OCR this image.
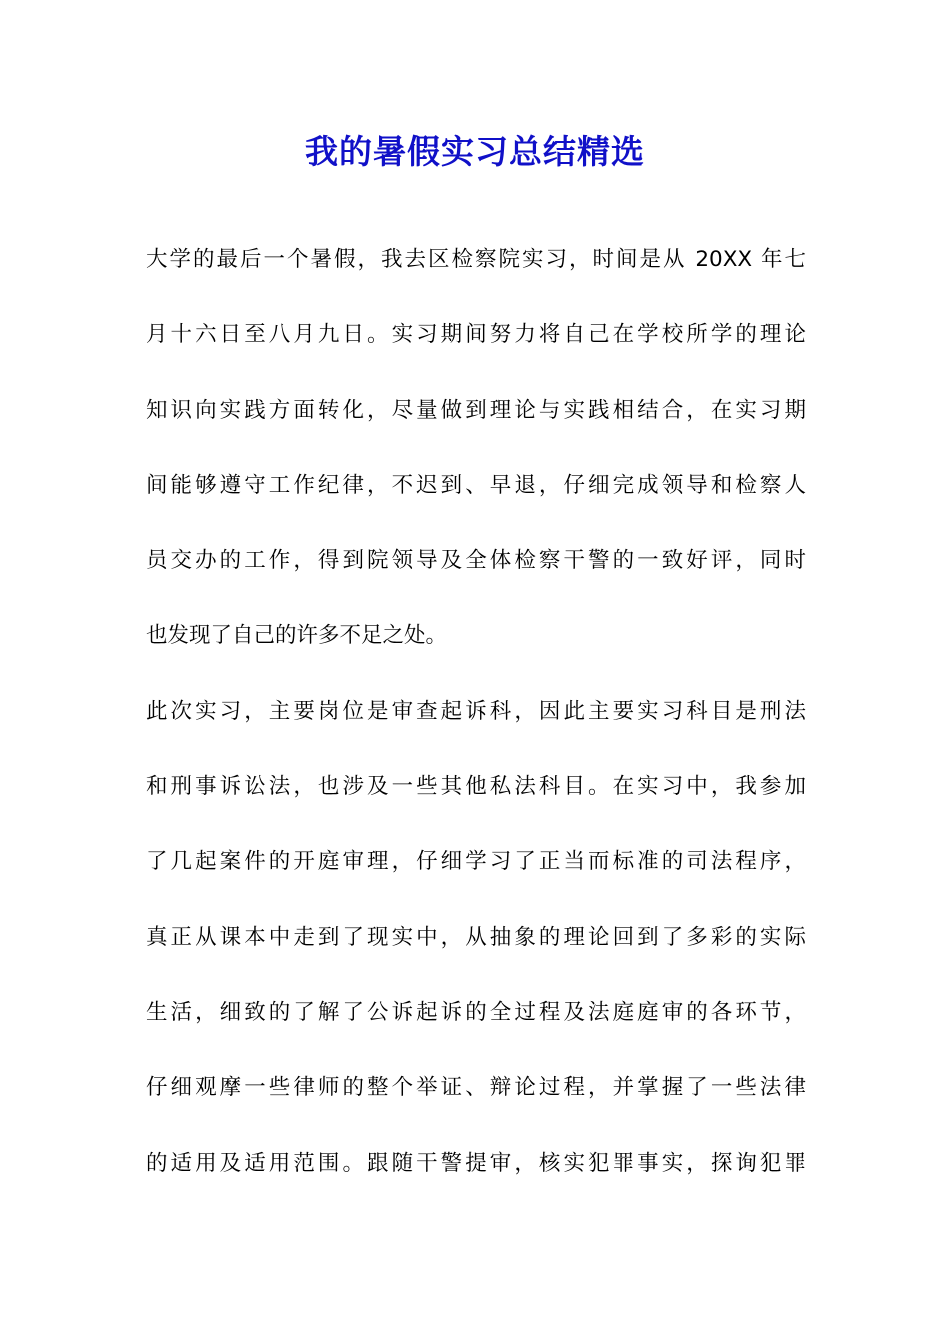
我的暑假实习总结精选
大学的最后一个暑假，我去区检察院实习，时间是从 20XX 年七
月十六日至八月九日。实习期间努力将自己在学校所学的理论
知识向实践方面转化，尽量做到理论与实践相结合，在实习期
间能够遵守工作纪律，不迟到、早退，仔细完成领导和检察人
员交办的工作，得到院领导及全体检察干警的一致好评，同时
也发现了自己的许多不足之处。
此次实习，主要岗位是审查起诉科，因此主要实习科目是刑法
和刑事诉讼法，也涉及一些其他私法科目。在实习中，我参加
了几起案件的开庭审理，仔细学习了正当而标准的司法程序，
真正从课本中走到了现实中，从抽象的理论回到了多彩的实际
生活，细致的了解了公诉起诉的全过程及法庭庭审的各环节，
仔细观摩一些律师的整个举证、辩论过程，并掌握了一些法律
的适用及适用范围。跟随干警提审，核实犯罪事实，探询犯罪
